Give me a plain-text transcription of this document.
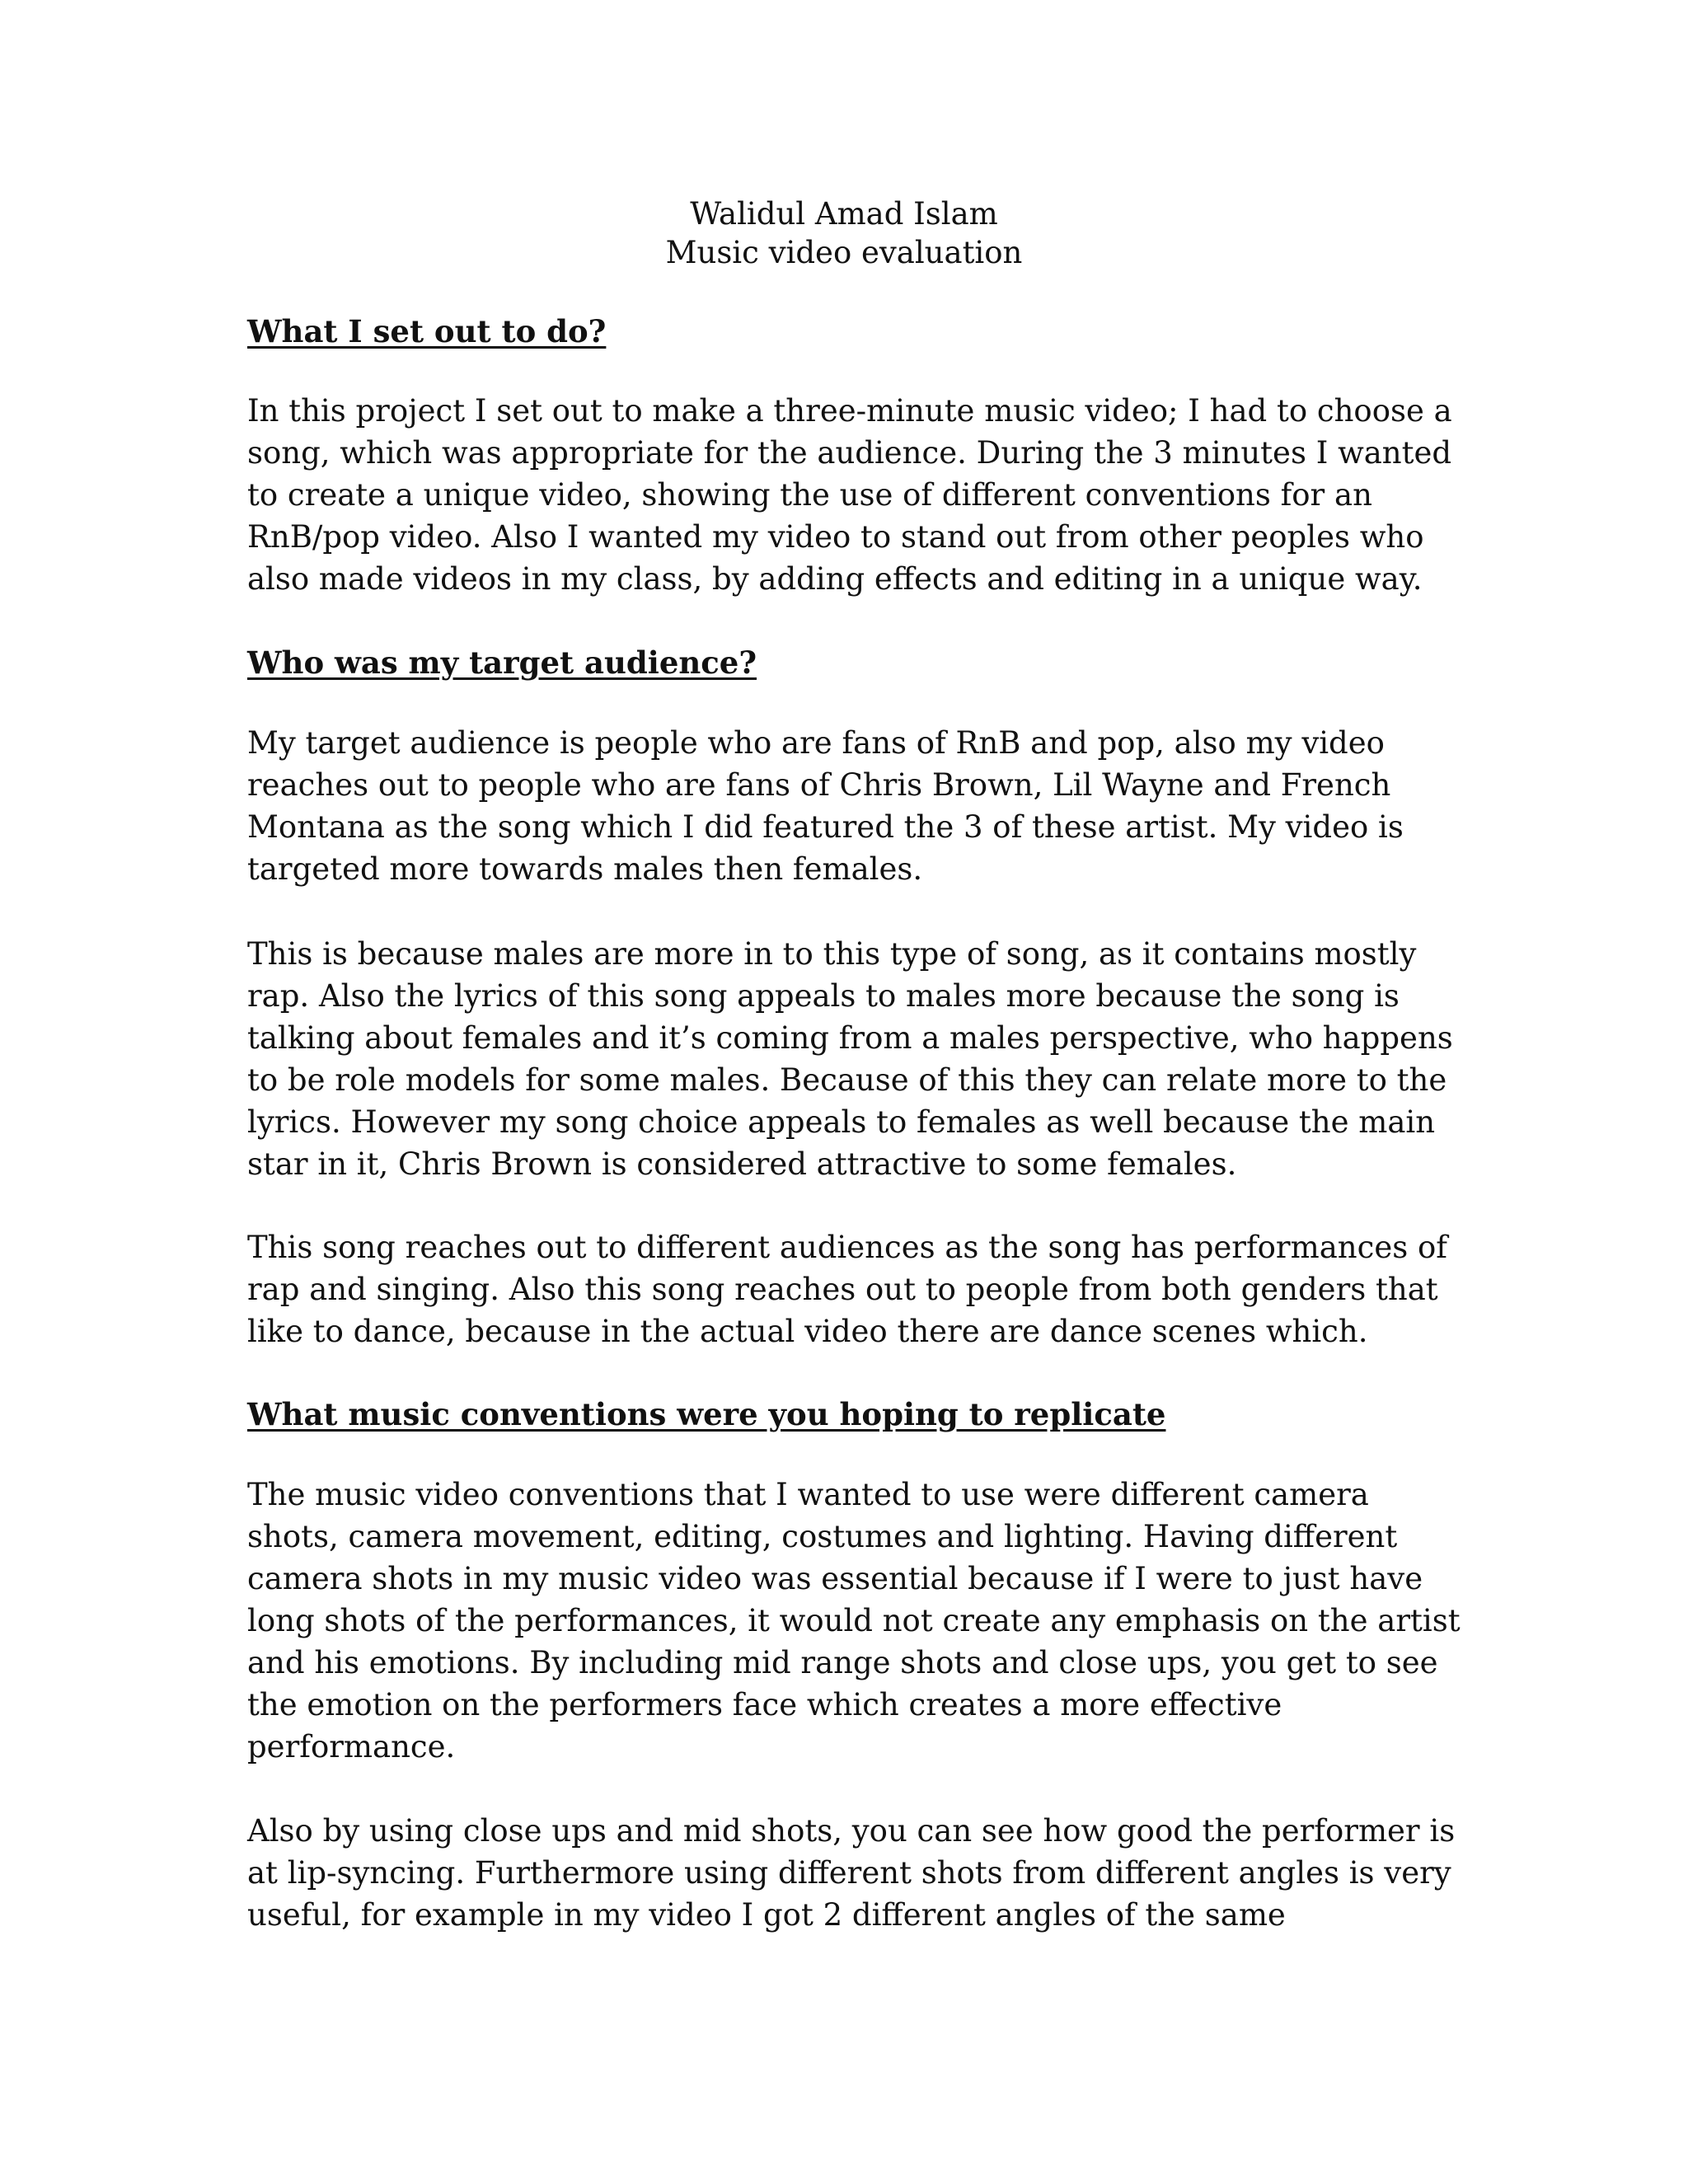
Walidul Amad Islam
Music video evaluation
What I set out to do?

In this project I set out to make a three-minute music video; I had to choose a
song, which was appropriate for the audience. During the 3 minutes I wanted
to create a unique video, showing the use of different conventions for an
RnB/pop video. Also I wanted my video to stand out from other peoples who
also made videos in my class, by adding effects and editing in a unique way.

Who was my target audience?

My target audience is people who are fans of RnB and pop, also my video
reaches out to people who are fans of Chris Brown, Lil Wayne and French
Montana as the song which I did featured the 3 of these artist. My video is
targeted more towards males then females.

This is because males are more in to this type of song, as it contains mostly
rap. Also the lyrics of this song appeals to males more because the song is
talking about females and it’s coming from a males perspective, who happens
to be role models for some males. Because of this they can relate more to the
lyrics. However my song choice appeals to females as well because the main
star in it, Chris Brown is considered attractive to some females.

This song reaches out to different audiences as the song has performances of
rap and singing. Also this song reaches out to people from both genders that
like to dance, because in the actual video there are dance scenes which.

What music conventions were you hoping to replicate

The music video conventions that I wanted to use were different camera
shots, camera movement, editing, costumes and lighting. Having different
camera shots in my music video was essential because if I were to just have
long shots of the performances, it would not create any emphasis on the artist
and his emotions. By including mid range shots and close ups, you get to see
the emotion on the performers face which creates a more effective
performance.

Also by using close ups and mid shots, you can see how good the performer is
at lip-syncing. Furthermore using different shots from different angles is very
useful, for example in my video I got 2 different angles of the same
